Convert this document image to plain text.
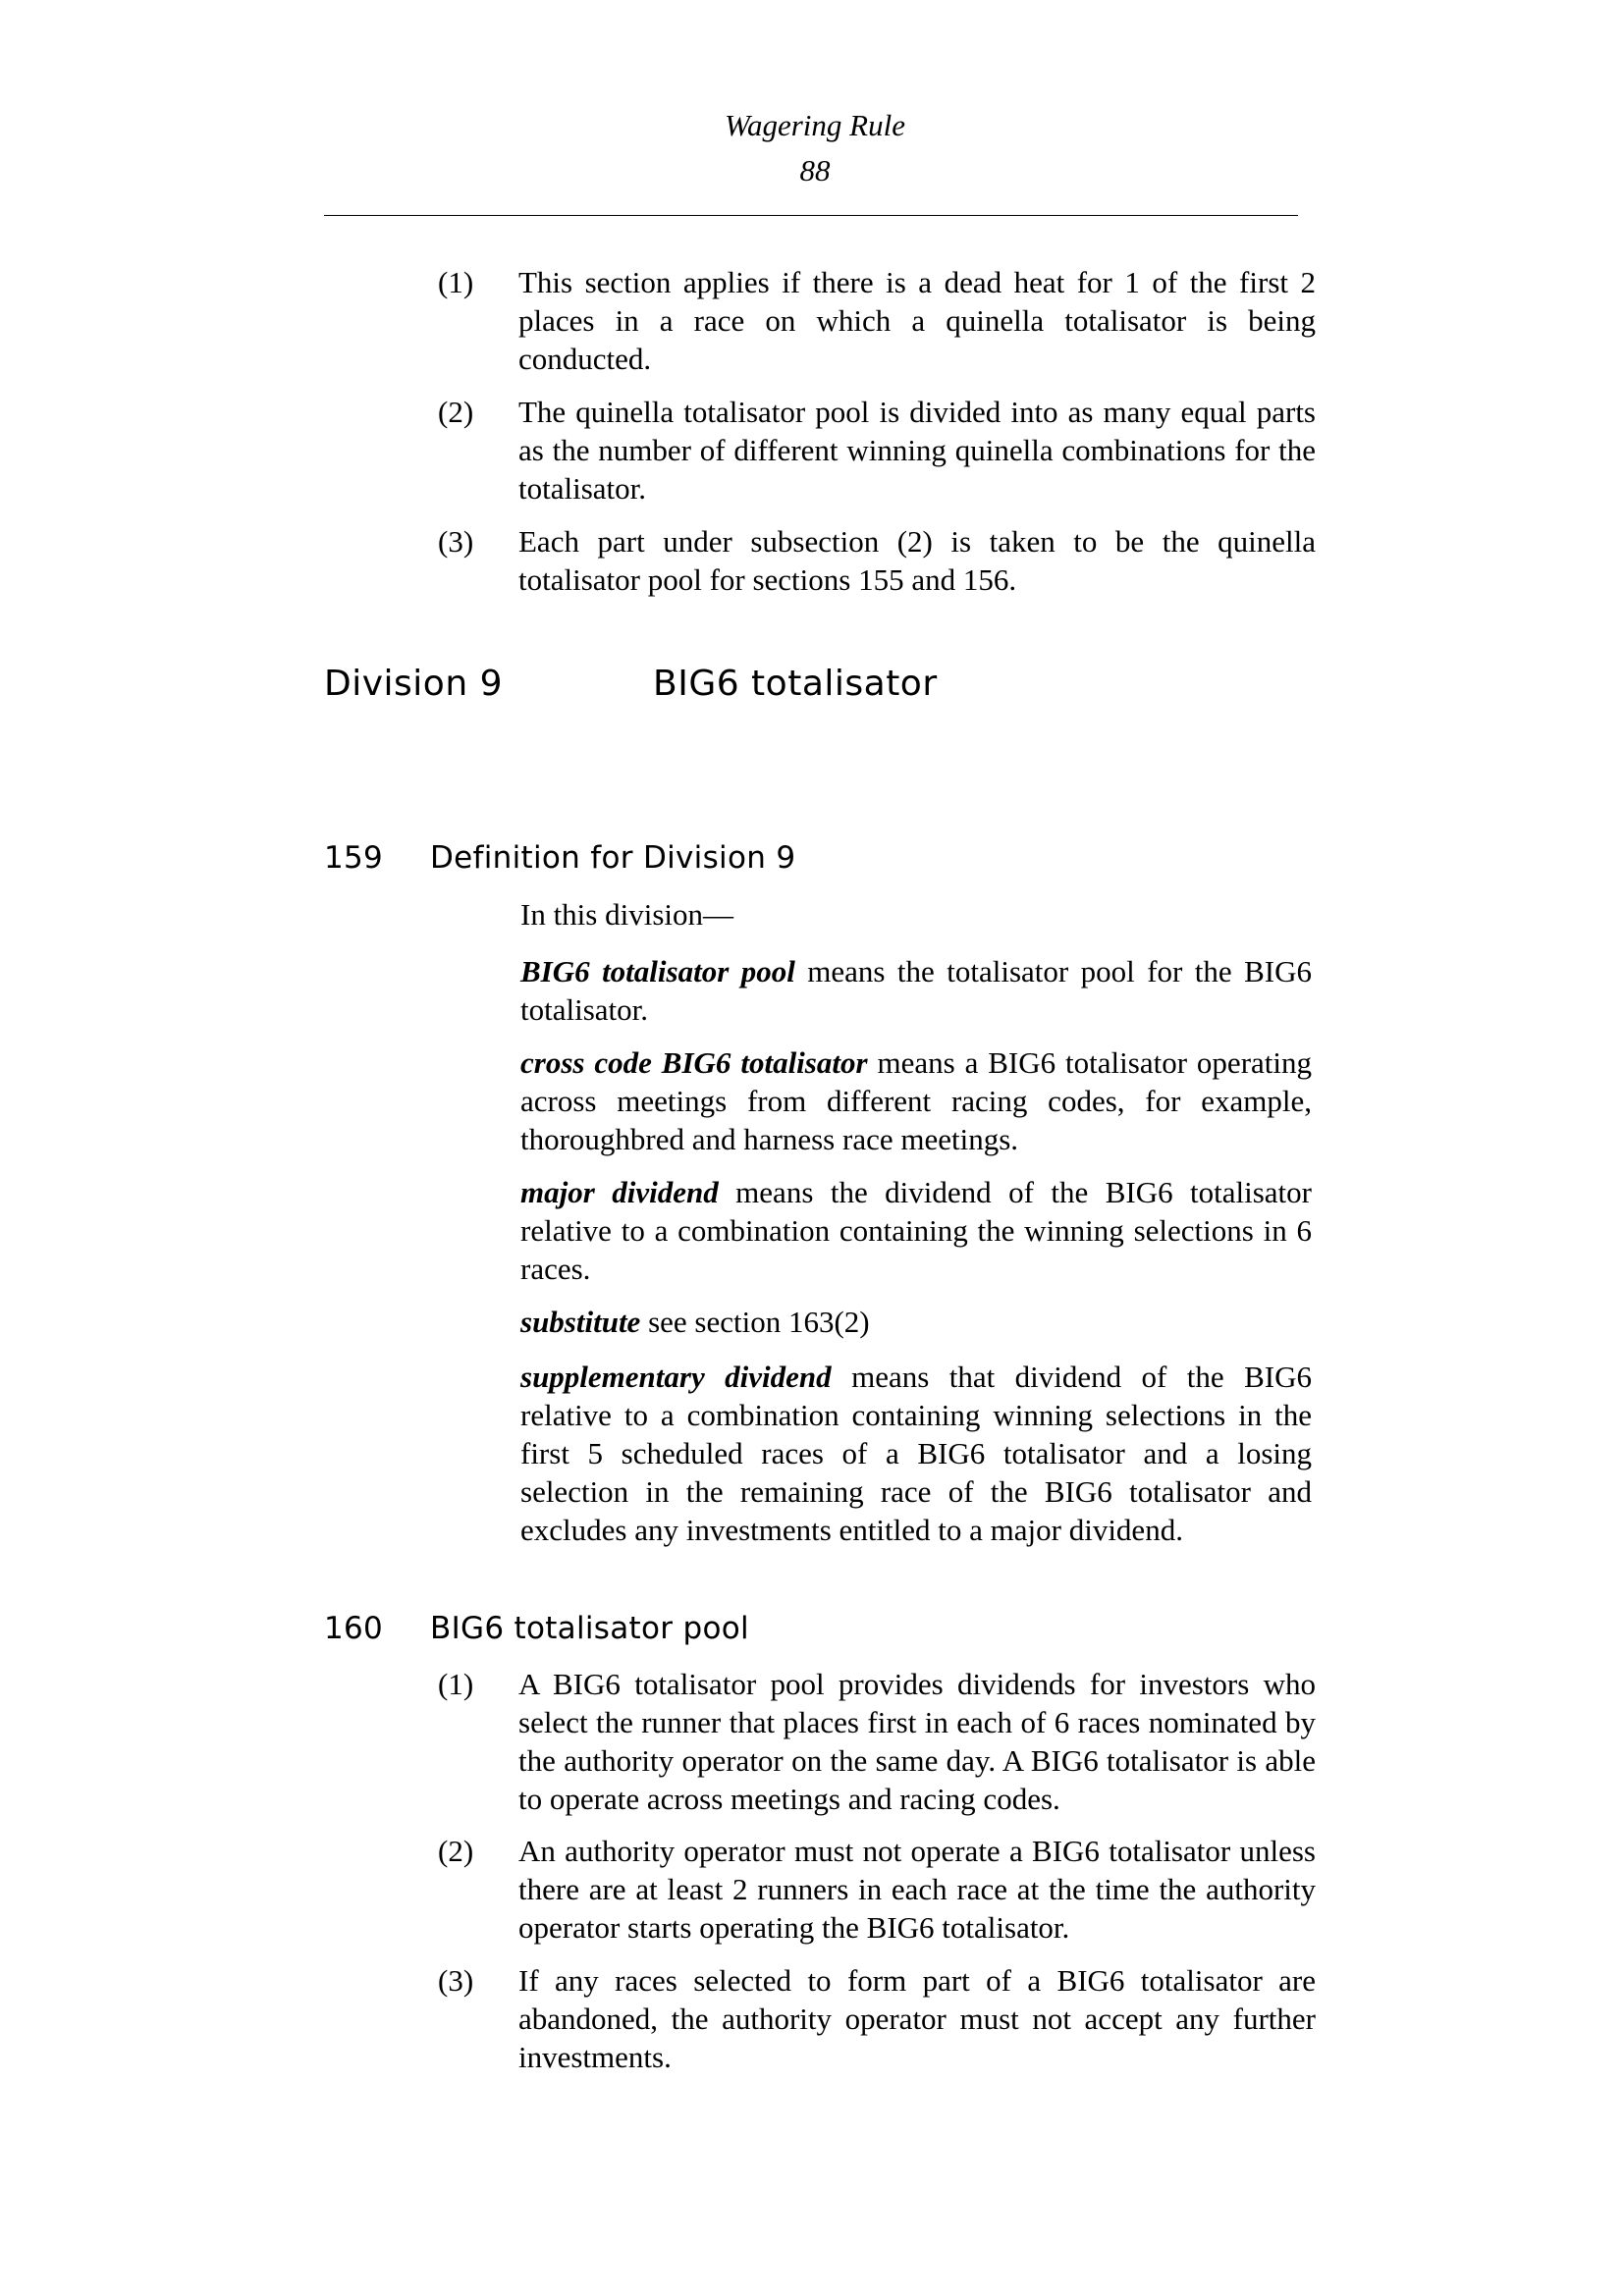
Wagering Rule
88
(1) This section applies if there is a dead heat for 1 of the first 2 places in a race on which a quinella totalisator is being conducted.
(2) The quinella totalisator pool is divided into as many equal parts as the number of different winning quinella combinations for the totalisator.
(3) Each part under subsection (2) is taken to be the quinella totalisator pool for sections 155 and 156.
Division 9	BIG6 totalisator
159 Definition for Division 9
In this division—
BIG6 totalisator pool means the totalisator pool for the BIG6 totalisator.
cross code BIG6 totalisator means a BIG6 totalisator operating across meetings from different racing codes, for example, thoroughbred and harness race meetings.
major dividend means the dividend of the BIG6 totalisator relative to a combination containing the winning selections in 6 races.
substitute see section 163(2)
supplementary dividend means that dividend of the BIG6 relative to a combination containing winning selections in the first 5 scheduled races of a BIG6 totalisator and a losing selection in the remaining race of the BIG6 totalisator and excludes any investments entitled to a major dividend.
160 BIG6 totalisator pool
(1) A BIG6 totalisator pool provides dividends for investors who select the runner that places first in each of 6 races nominated by the authority operator on the same day. A BIG6 totalisator is able to operate across meetings and racing codes.
(2) An authority operator must not operate a BIG6 totalisator unless there are at least 2 runners in each race at the time the authority operator starts operating the BIG6 totalisator.
(3) If any races selected to form part of a BIG6 totalisator are abandoned, the authority operator must not accept any further investments.
